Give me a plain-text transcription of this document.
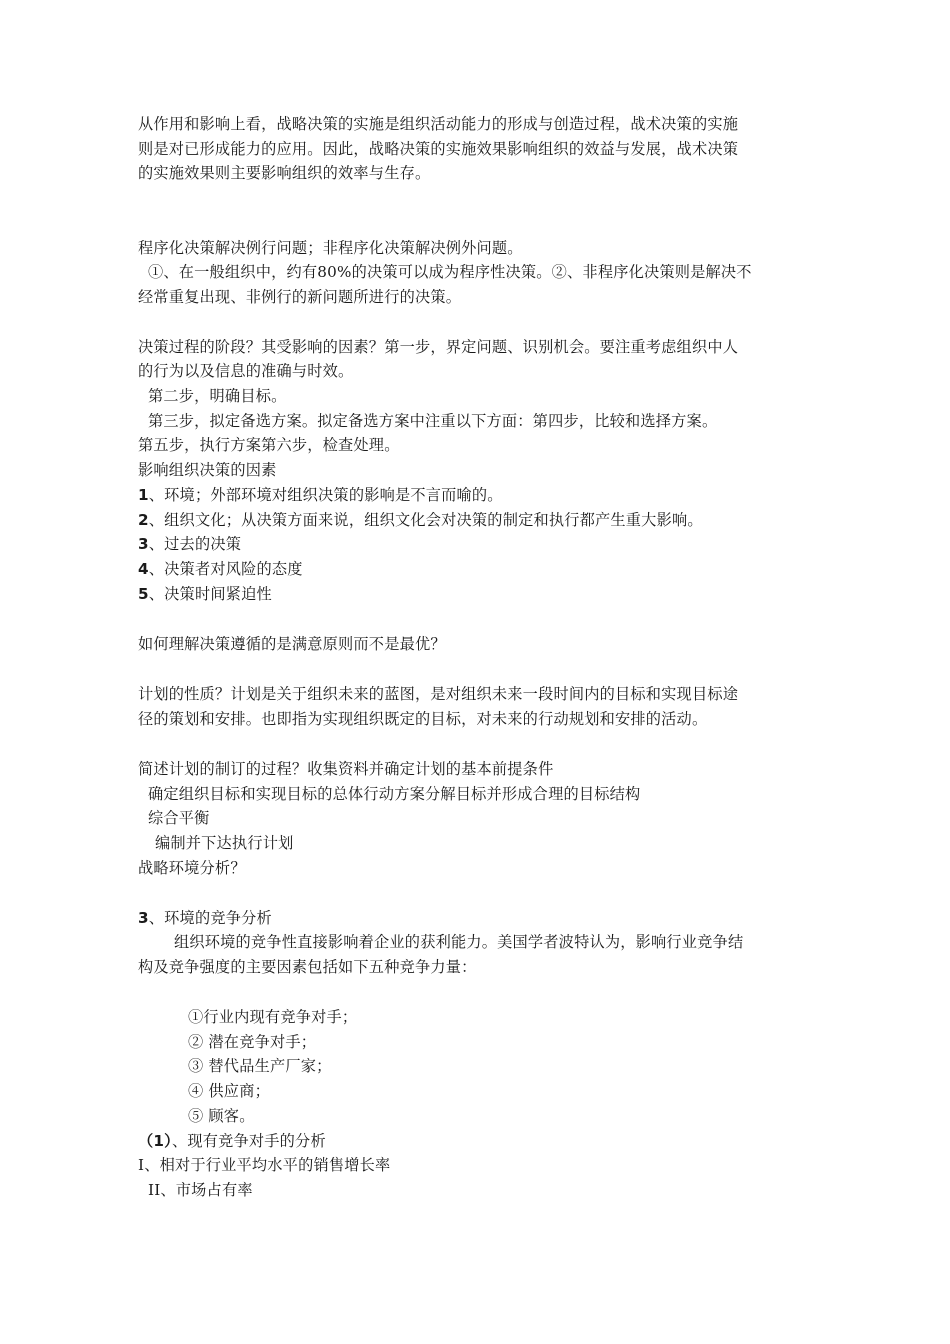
从作用和影响上看，战略决策的实施是组织活动能力的形成与创造过程，战术决策的实施
则是对已形成能力的应用。因此，战略决策的实施效果影响组织的效益与发展，战术决策
的实施效果则主要影响组织的效率与生存。
程序化决策解决例行问题；非程序化决策解决例外问题。
①、在一般组织中，约有80%的决策可以成为程序性决策。②、非程序化决策则是解决不
经常重复出现、非例行的新问题所进行的决策。
决策过程的阶段？其受影响的因素？第一步，界定问题、识别机会。要注重考虑组织中人
的行为以及信息的准确与时效。
第二步，明确目标。
第三步，拟定备选方案。拟定备选方案中注重以下方面：第四步，比较和选择方案。
第五步，执行方案第六步，检查处理。
影响组织决策的因素
1、环境；外部环境对组织决策的影响是不言而喻的。
2、组织文化；从决策方面来说，组织文化会对决策的制定和执行都产生重大影响。
3、过去的决策
4、决策者对风险的态度
5、决策时间紧迫性
如何理解决策遵循的是满意原则而不是最优？
计划的性质？计划是关于组织未来的蓝图，是对组织未来一段时间内的目标和实现目标途
径的策划和安排。也即指为实现组织既定的目标，对未来的行动规划和安排的活动。
简述计划的制订的过程？收集资料并确定计划的基本前提条件
确定组织目标和实现目标的总体行动方案分解目标并形成合理的目标结构
综合平衡
编制并下达执行计划
战略环境分析？
3、环境的竞争分析
组织环境的竞争性直接影响着企业的获利能力。美国学者波特认为，影响行业竞争结
构及竞争强度的主要因素包括如下五种竞争力量：
①行业内现有竞争对手；
② 潜在竞争对手；
③ 替代品生产厂家；
④ 供应商；
⑤ 顾客。
（1）、现有竞争对手的分析
I、相对于行业平均水平的销售增长率
II、市场占有率
